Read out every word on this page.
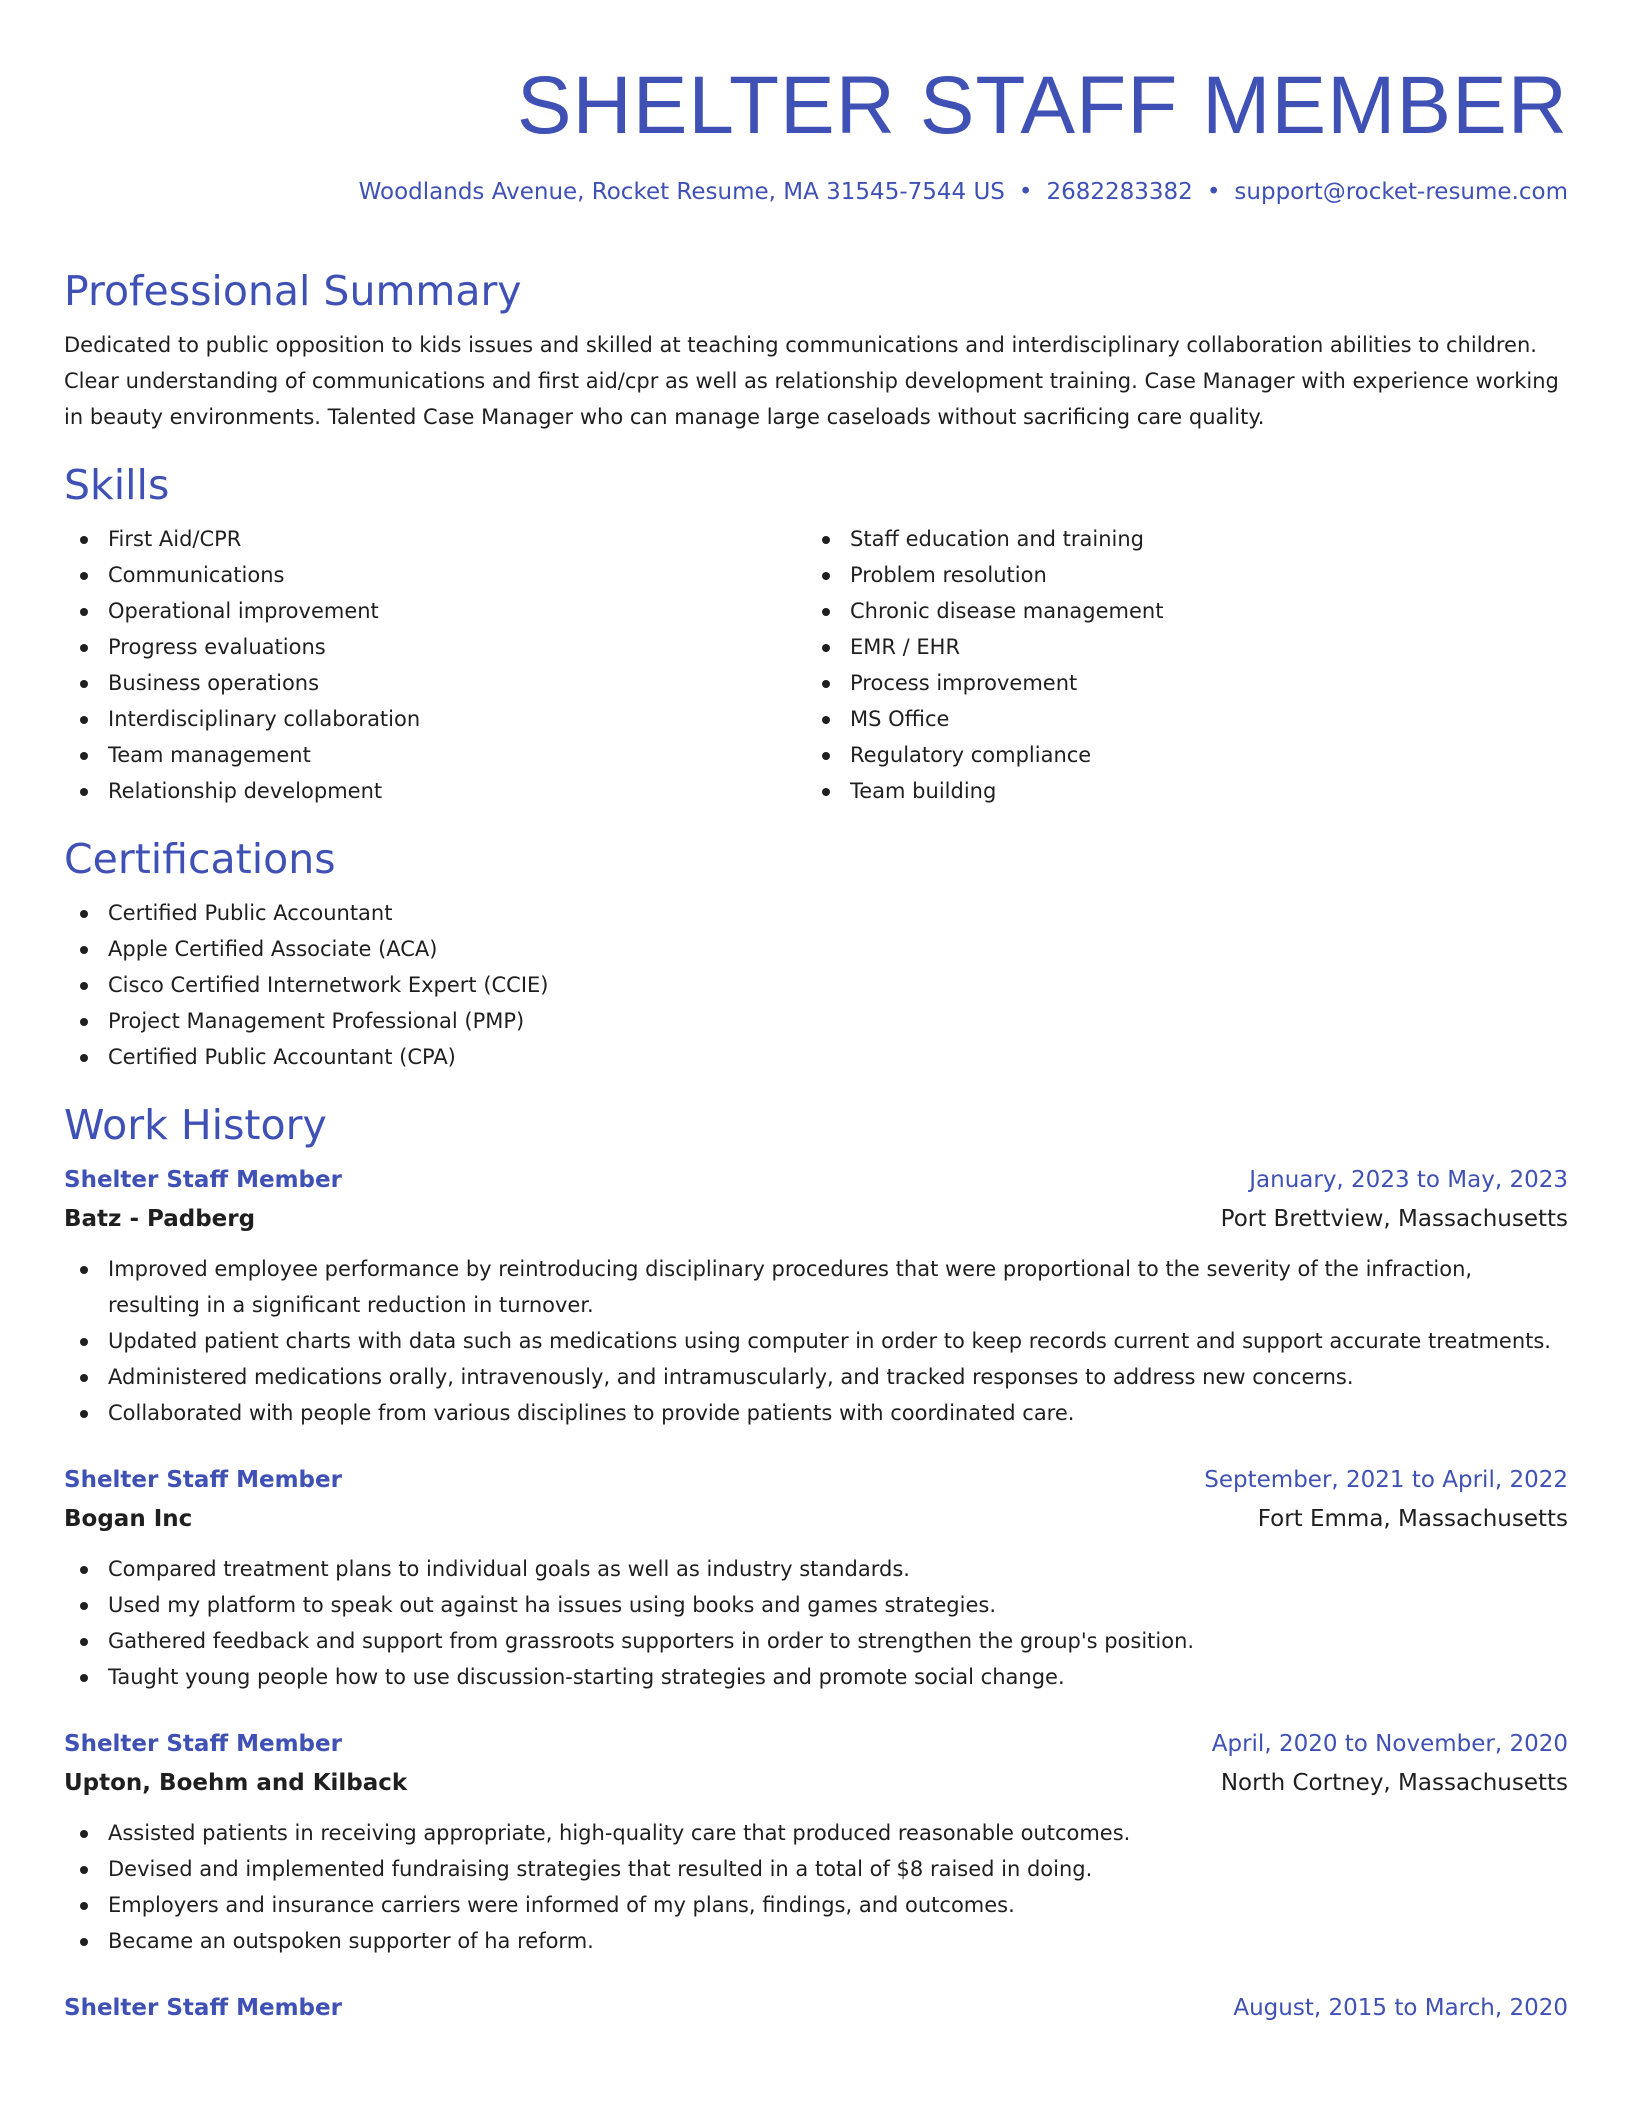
SHELTER STAFF MEMBER
Woodlands Avenue, Rocket Resume, MA 31545-7544 US • 2682283382 • support@rocket-resume.com
Professional Summary

Dedicated to public opposition to kids issues and skilled at teaching communications and interdisciplinary collaboration abilities to children. Clear understanding of communications and first aid/cpr as well as relationship development training. Case Manager with experience working in beauty environments. Talented Case Manager who can manage large caseloads without sacrificing care quality.

Skills
First Aid/CPR
Communications
Operational improvement
Progress evaluations
Business operations
Interdisciplinary collaboration
Team management
Relationship development
Staff education and training
Problem resolution
Chronic disease management
EMR / EHR
Process improvement
MS Office
Regulatory compliance
Team building
Certifications
Certified Public Accountant
Apple Certified Associate (ACA)
Cisco Certified Internetwork Expert (CCIE)
Project Management Professional (PMP)
Certified Public Accountant (CPA)
Work History
Shelter Staff Member	January, 2023 to May, 2023
Batz - Padberg	Port Brettview, Massachusetts
Improved employee performance by reintroducing disciplinary procedures that were proportional to the severity of the infraction, resulting in a significant reduction in turnover.
Updated patient charts with data such as medications using computer in order to keep records current and support accurate treatments.
Administered medications orally, intravenously, and intramuscularly, and tracked responses to address new concerns.
Collaborated with people from various disciplines to provide patients with coordinated care.
Shelter Staff Member	September, 2021 to April, 2022
Bogan Inc	Fort Emma, Massachusetts
Compared treatment plans to individual goals as well as industry standards.
Used my platform to speak out against ha issues using books and games strategies.
Gathered feedback and support from grassroots supporters in order to strengthen the group's position.
Taught young people how to use discussion-starting strategies and promote social change.
Shelter Staff Member	April, 2020 to November, 2020
Upton, Boehm and Kilback	North Cortney, Massachusetts
Assisted patients in receiving appropriate, high-quality care that produced reasonable outcomes.
Devised and implemented fundraising strategies that resulted in a total of $8 raised in doing.
Employers and insurance carriers were informed of my plans, findings, and outcomes.
Became an outspoken supporter of ha reform.
Shelter Staff Member	August, 2015 to March, 2020
